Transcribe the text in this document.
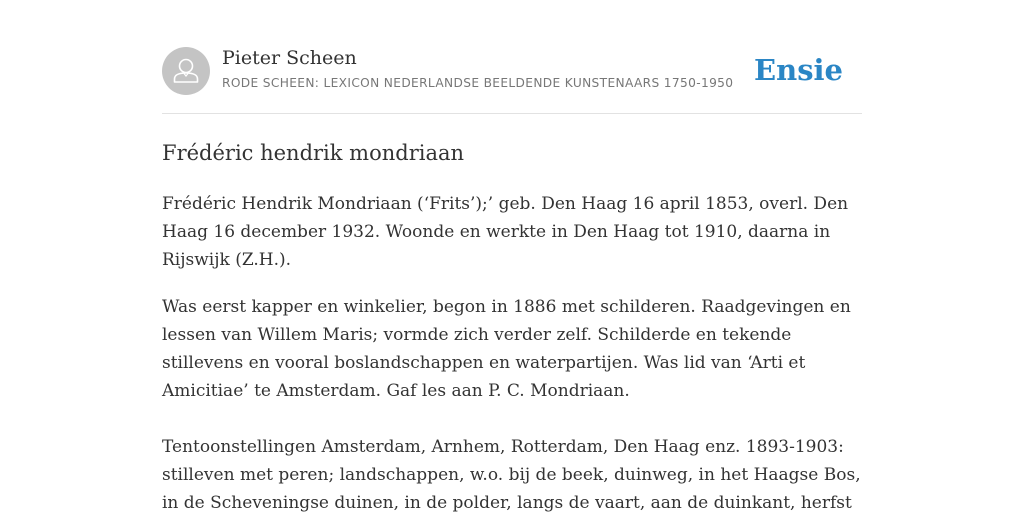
Pieter Scheen
RODE SCHEEN: LEXICON NEDERLANDSE BEELDENDE KUNSTENAARS 1750-1950 Ensie
Frédéric hendrik mondriaan

Frédéric Hendrik Mondriaan (‘Frits’);’ geb. Den Haag 16 april 1853, overl. Den
Haag 16 december 1932. Woonde en werkte in Den Haag tot 1910, daarna in
Rijswijk (Z.H.).

Was eerst kapper en winkelier, begon in 1886 met schilderen. Raadgevingen en
lessen van Willem Maris; vormde zich verder zelf. Schilderde en tekende
stillevens en vooral boslandschappen en waterpartijen. Was lid van ‘Arti et
Amicitiae’ te Amsterdam. Gaf les aan P. C. Mondriaan.

Tentoonstellingen Amsterdam, Arnhem, Rotterdam, Den Haag enz. 1893-1903:
stilleven met peren; landschappen, w.o. bij de beek, duinweg, in het Haagse Bos,
in de Scheveningse duinen, in de polder, langs de vaart, aan de duinkant, herfst
